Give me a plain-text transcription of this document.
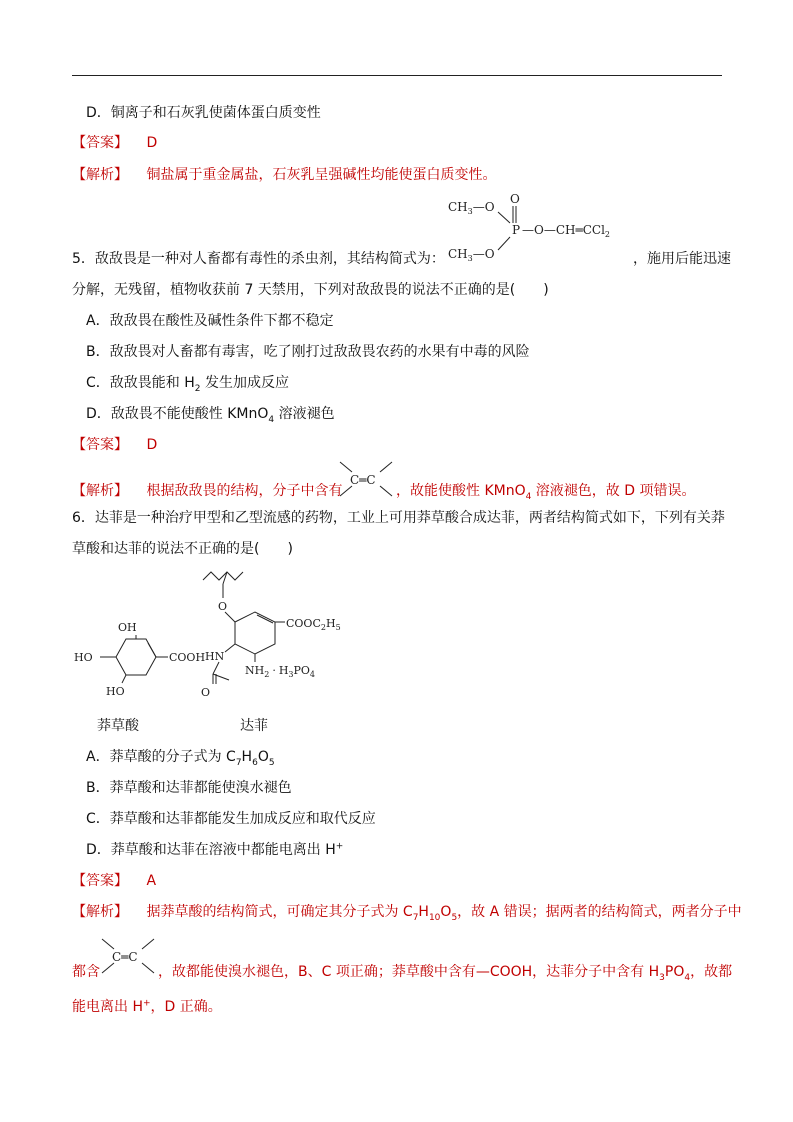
D．铜离子和石灰乳使菌体蛋白质变性
【答案】 D
【解析】 铜盐属于重金属盐，石灰乳呈强碱性均能使蛋白质变性。
$CH_3—O$
O
P —O—CH═CCl$_2$
$CH_3—O$
5．敌敌畏是一种对人畜都有毒性的杀虫剂，其结构简式为：	，施用后能迅速
分解，无残留，植物收获前 7 天禁用，下列对敌敌畏的说法不正确的是(　　)
A．敌敌畏在酸性及碱性条件下都不稳定
B．敌敌畏对人畜都有毒害，吃了刚打过敌敌畏农药的水果有中毒的风险
C．敌敌畏能和 $H_2$ 发生加成反应
D．敌敌畏不能使酸性 KMnO$_4$ 溶液褪色
【答案】 D
C═C
【解析】 根据敌敌畏的结构，分子中含有	，故能使酸性 KMnO$_4$ 溶液褪色，故 D 项错误。
6．达菲是一种治疗甲型和乙型流感的药物，工业上可用莽草酸合成达菲，两者结构简式如下，下列有关莽
草酸和达菲的说法不正确的是(　　)
OH
HO	COOH
HO
O
$COOC_2H_5$
HN
$NH_2 \cdot H_3PO_4$
O
莽草酸	达菲
A．莽草酸的分子式为 $C_7H_6O_5$
B．莽草酸和达菲都能使溴水褪色
C．莽草酸和达菲都能发生加成反应和取代反应
D．莽草酸和达菲在溶液中都能电离出 H+
【答案】 A
【解析】 据莽草酸的结构简式，可确定其分子式为 $C_7H_{10}O_5$，故 A 错误；据两者的结构简式，两者分子中
C═C
都含	，故都能使溴水褪色，B、C 项正确；莽草酸中含有—COOH，达菲分子中含有 $H_3PO_4$，故都
能电离出 H+，D 正确。
